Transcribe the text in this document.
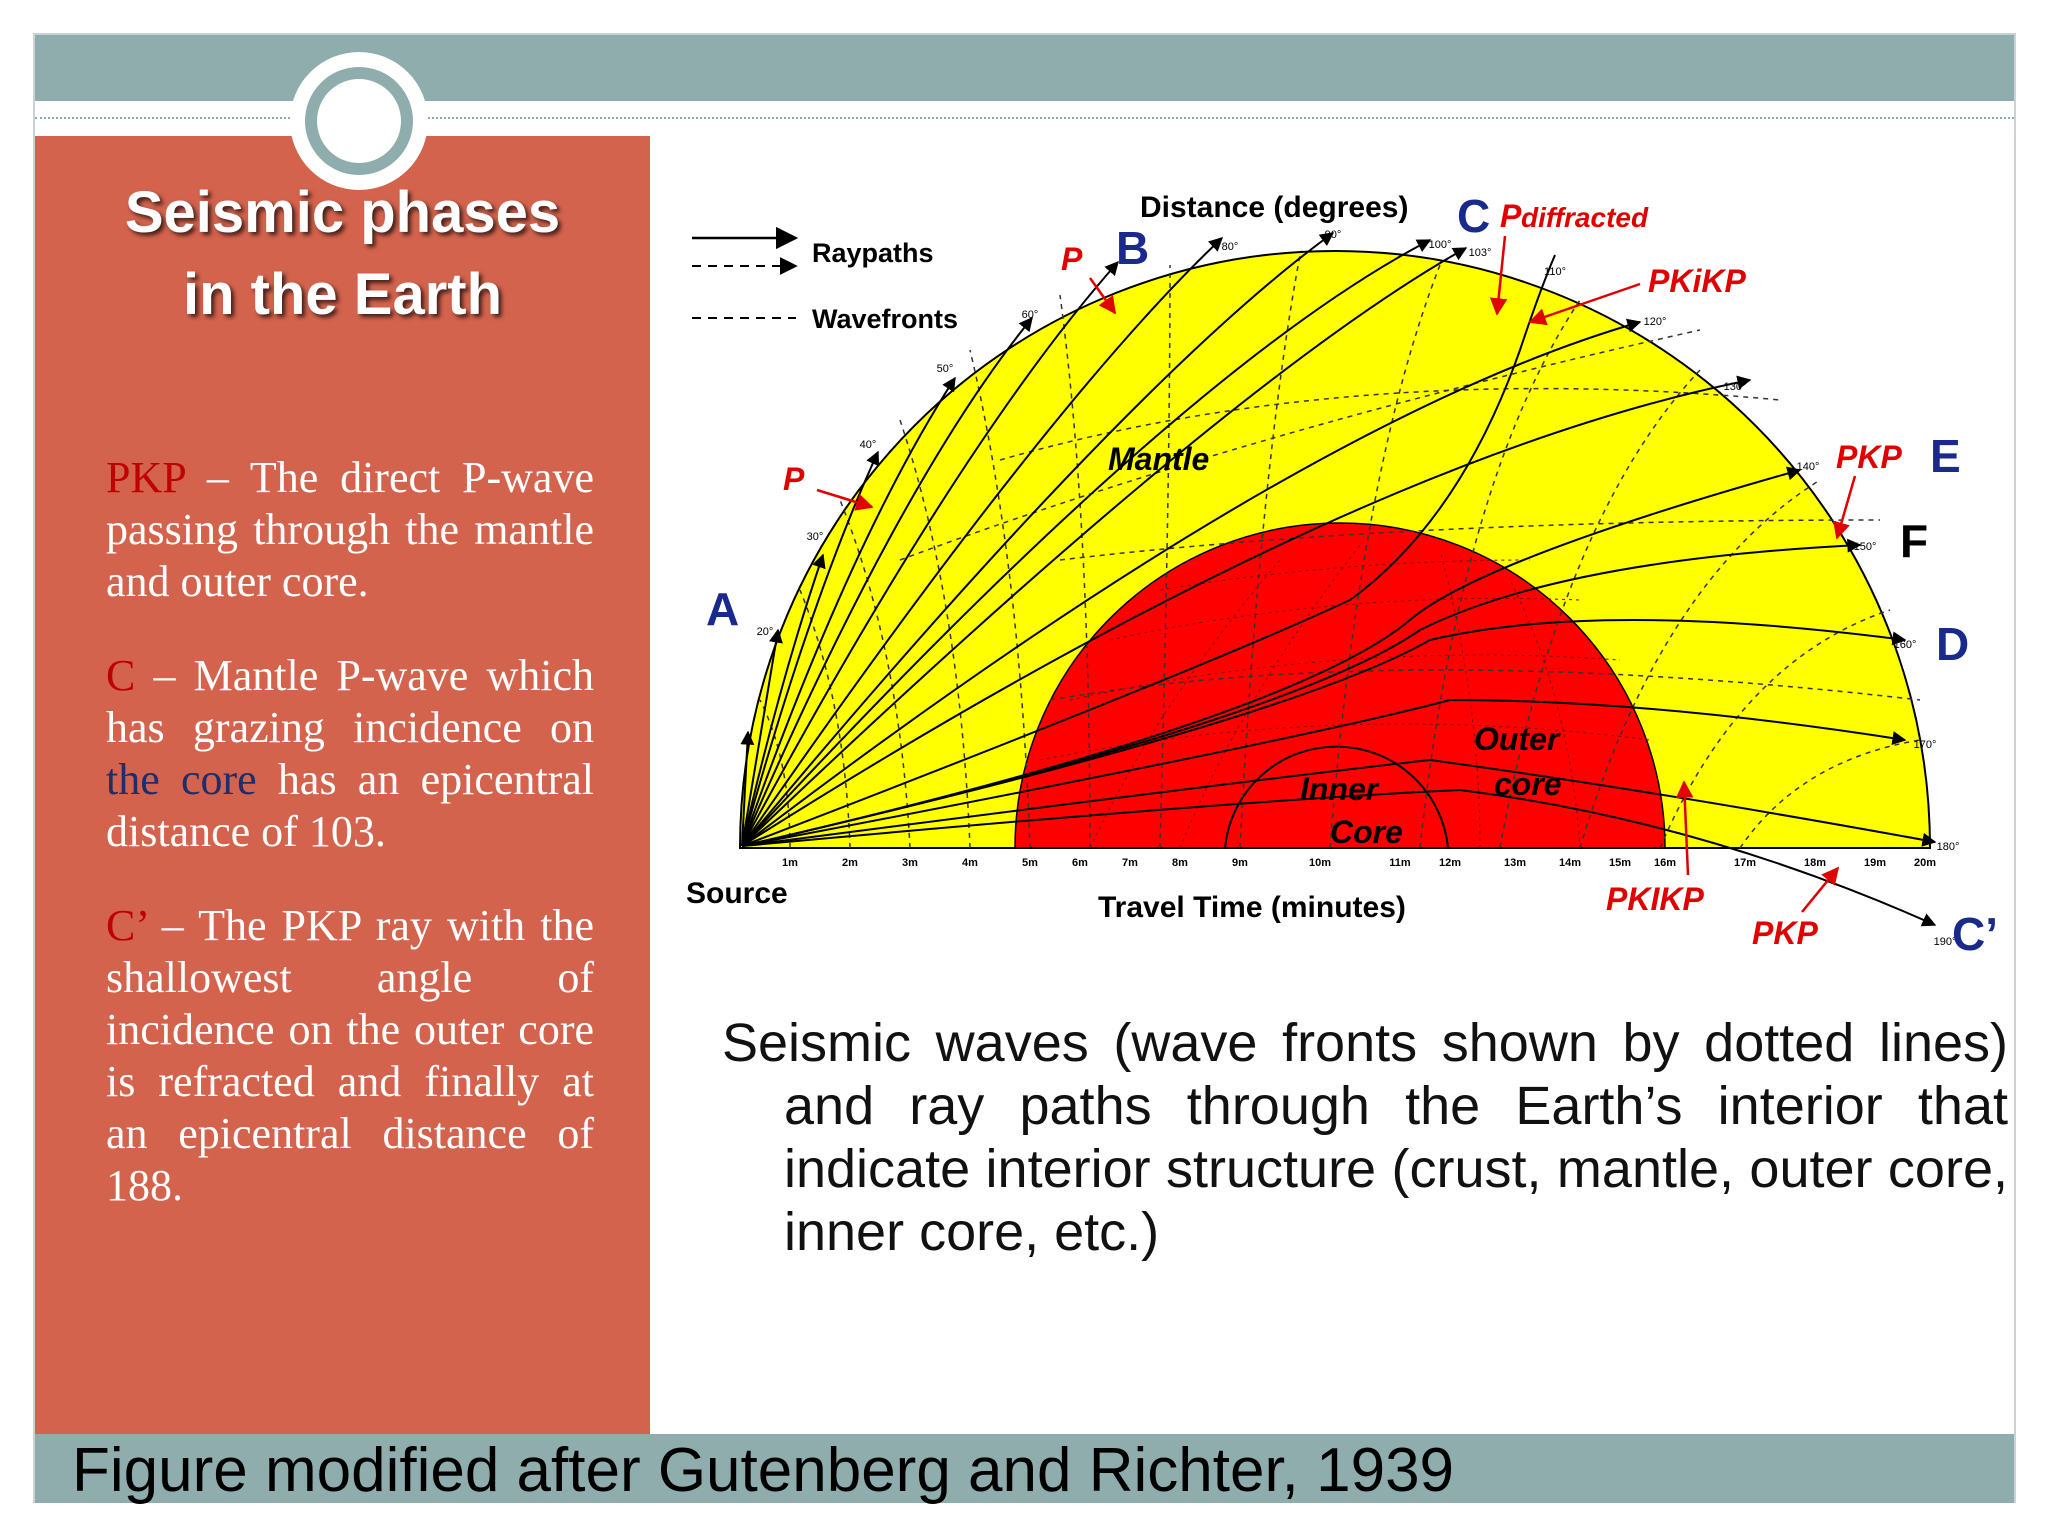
Seismic phases
in the Earth

PKP – The direct P-wave passing through the mantle and outer core.

C – Mantle P-wave which has grazing incidence on the core has an epicentral distance of 103.

C’ – The PKP ray with the shallowest angle of incidence on the outer core is refracted and finally at an epicentral distance of 188.

1m	2m	3m	4m	5m	6m	7m	8m	9m	10m	11m	12m	13m	14m	15m 16m	17m	18m	19m	20m
20°
30°
40°
50°
60°
80°
90°
100°
103°
110°
120°
130°
140°
150°
160°
170°
180°
190°
Raypaths
Wavefronts
Distance (degrees)
Travel Time (minutes)
Source
Mantle
Outer
core
Inner
Core
A
B
C
E
F
D
C’
P
P
P diffracted
PKiKP
PKP
PKIKP
PKP
Seismic waves (wave fronts shown by dotted lines) and ray paths through the Earth’s interior that indicate interior structure (crust, mantle, outer core, inner core, etc.)
Figure modified after Gutenberg and Richter, 1939
